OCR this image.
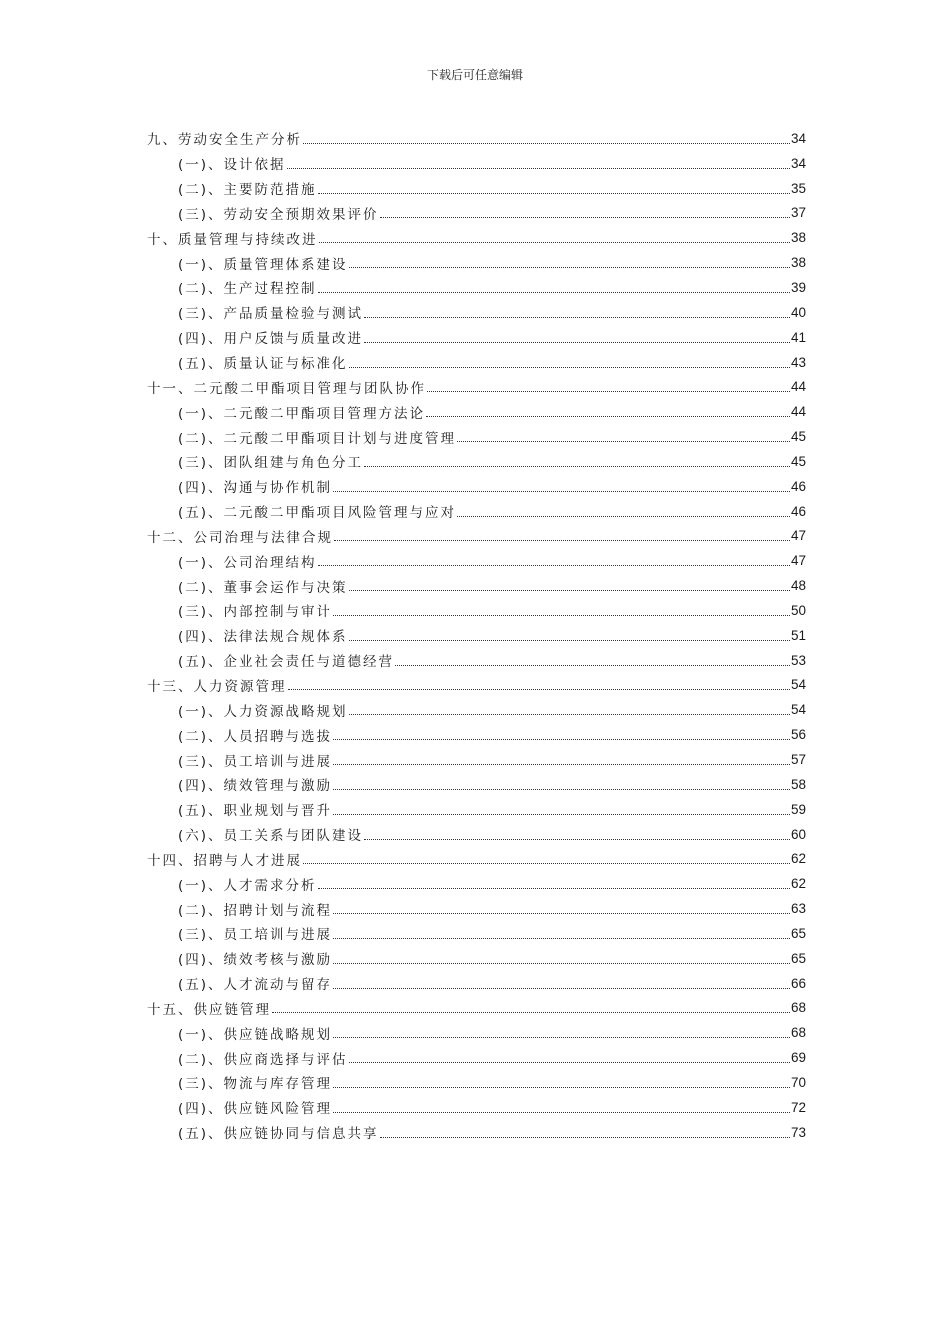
下载后可任意编辑
九、劳动安全生产分析	34
(一)、设计依据	34
(二)、主要防范措施	35
(三)、劳动安全预期效果评价	37
十、质量管理与持续改进	38
(一)、质量管理体系建设	38
(二)、生产过程控制	39
(三)、产品质量检验与测试	40
(四)、用户反馈与质量改进	41
(五)、质量认证与标准化	43
十一、二元酸二甲酯项目管理与团队协作	44
(一)、二元酸二甲酯项目管理方法论	44
(二)、二元酸二甲酯项目计划与进度管理	45
(三)、团队组建与角色分工	45
(四)、沟通与协作机制	46
(五)、二元酸二甲酯项目风险管理与应对	46
十二、公司治理与法律合规	47
(一)、公司治理结构	47
(二)、董事会运作与决策	48
(三)、内部控制与审计	50
(四)、法律法规合规体系	51
(五)、企业社会责任与道德经营	53
十三、人力资源管理	54
(一)、人力资源战略规划	54
(二)、人员招聘与选拔	56
(三)、员工培训与进展	57
(四)、绩效管理与激励	58
(五)、职业规划与晋升	59
(六)、员工关系与团队建设	60
十四、招聘与人才进展	62
(一)、人才需求分析	62
(二)、招聘计划与流程	63
(三)、员工培训与进展	65
(四)、绩效考核与激励	65
(五)、人才流动与留存	66
十五、供应链管理	68
(一)、供应链战略规划	68
(二)、供应商选择与评估	69
(三)、物流与库存管理	70
(四)、供应链风险管理	72
(五)、供应链协同与信息共享	73
